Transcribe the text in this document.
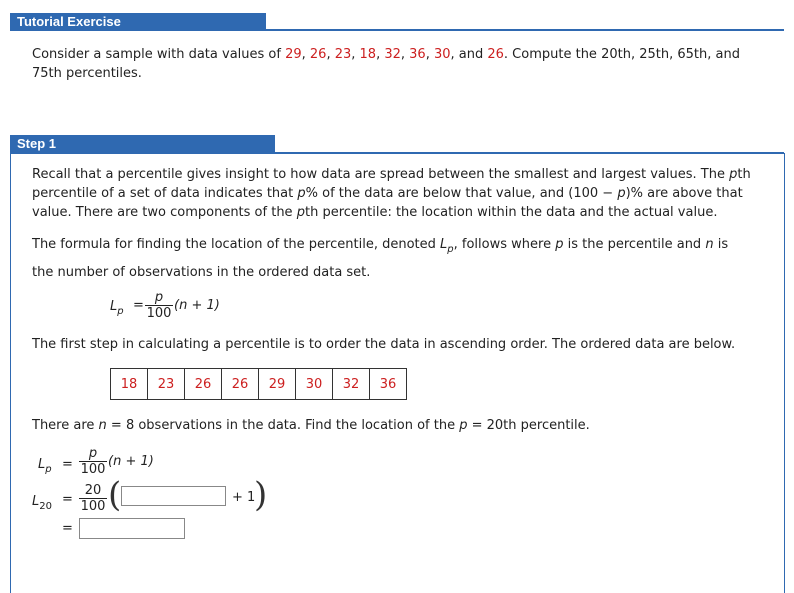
Tutorial Exercise
Consider a sample with data values of 29, 26, 23, 18, 32, 36, 30, and 26. Compute the 20th, 25th, 65th, and
75th percentiles.
Step 1
Recall that a percentile gives insight to how data are spread between the smallest and largest values. The pth
percentile of a set of data indicates that p% of the data are below that value, and (100 − p)% are above that
value. There are two components of the pth percentile: the location within the data and the actual value.
The formula for finding the location of the percentile, denoted $L_p$, follows where p is the percentile and n is
the number of observations in the ordered data set.
$L_p$ =
p
100
(n + 1)
The first step in calculating a percentile is to order the data in ascending order. The ordered data are below.
18	23	26	26	29	30	32	36
There are n = 8 observations in the data. Find the location of the p = 20th percentile.
$L_p$ =
p
100
(n + 1)
$L_{20}$ =
20
100 (	+ 1
)
=
